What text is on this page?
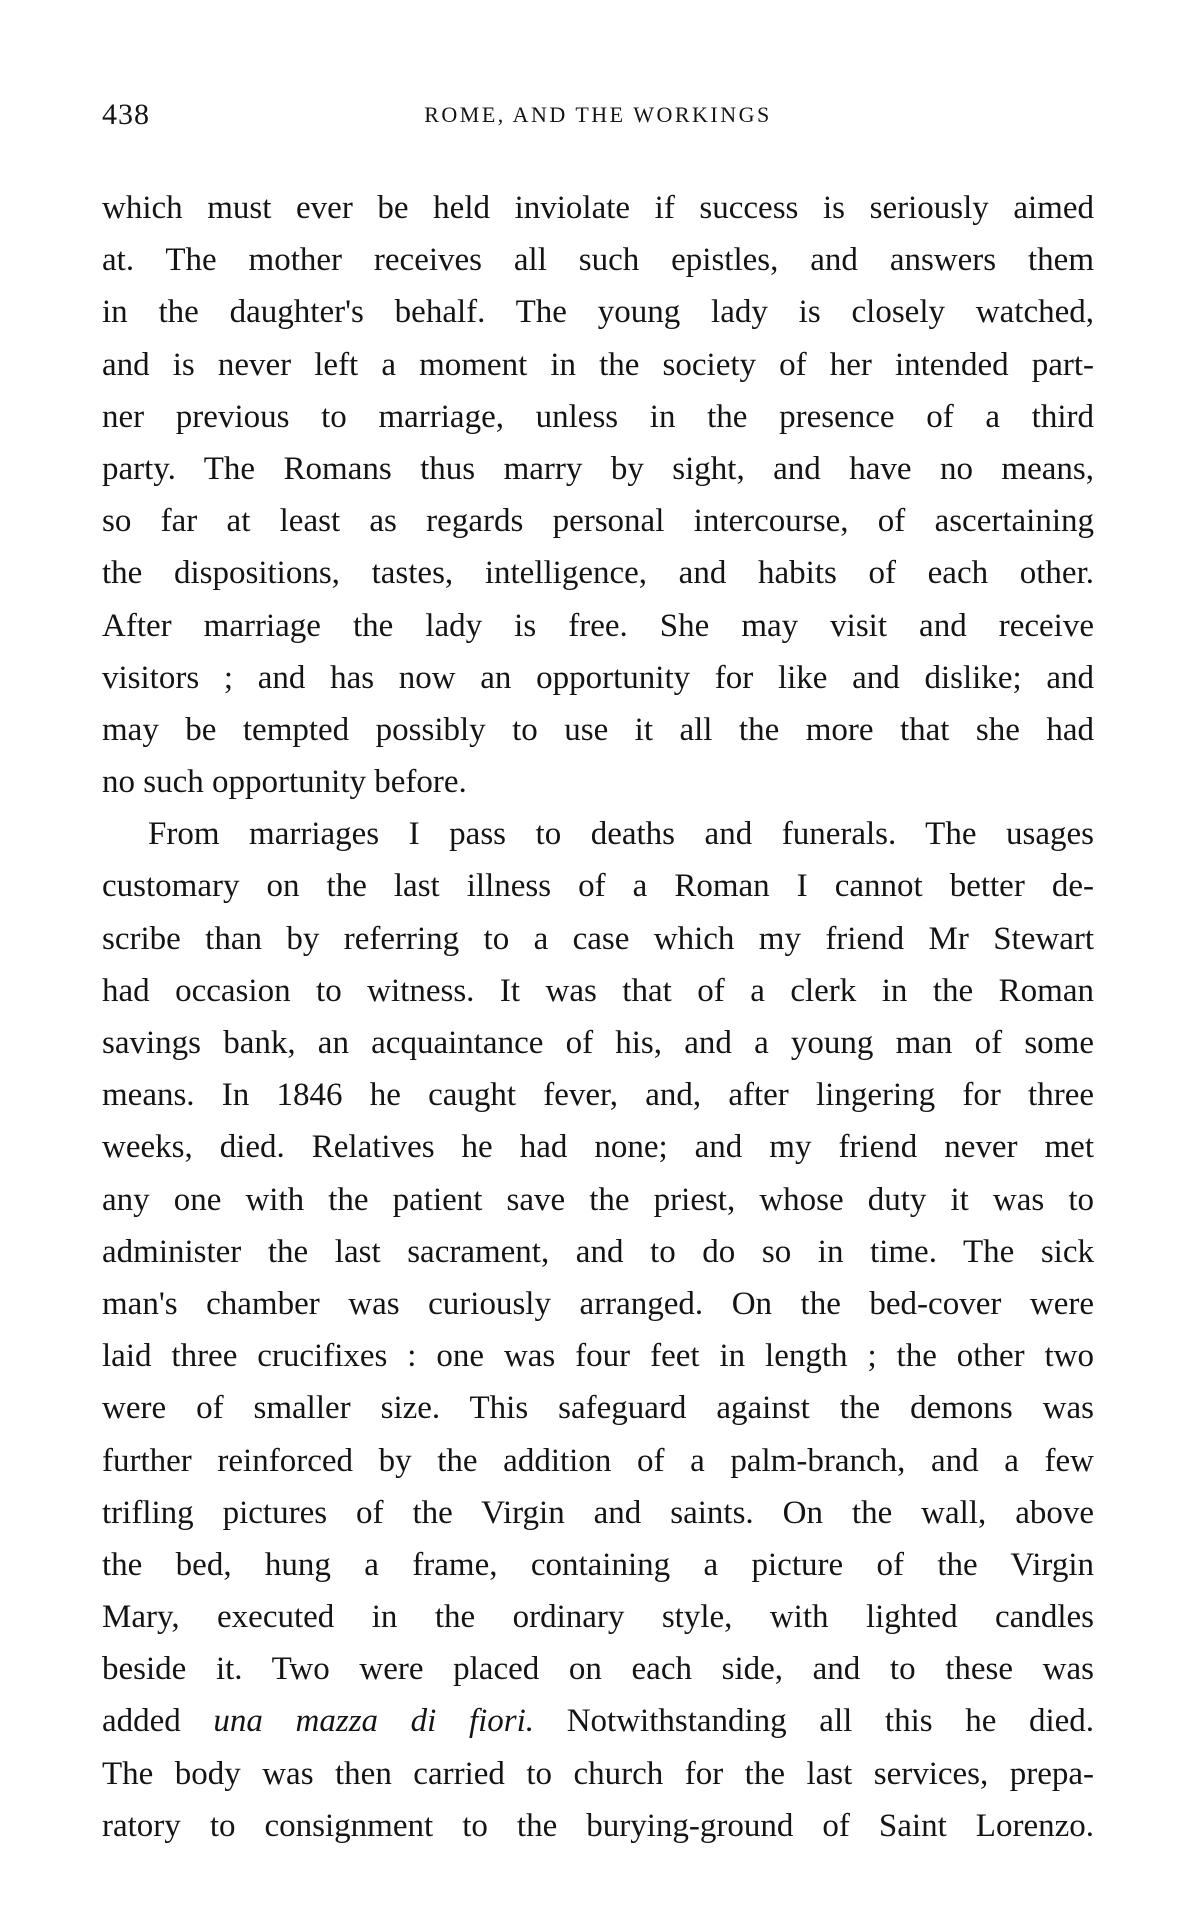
438	ROME, AND THE WORKINGS
which must ever be held inviolate if success is seriously aimed
at. The mother receives all such epistles, and answers them
in the daughter's behalf. The young lady is closely watched,
and is never left a moment in the society of her intended part-
ner previous to marriage, unless in the presence of a third
party. The Romans thus marry by sight, and have no means,
so far at least as regards personal intercourse, of ascertaining
the dispositions, tastes, intelligence, and habits of each other.
After marriage the lady is free. She may visit and receive
visitors ; and has now an opportunity for like and dislike; and
may be tempted possibly to use it all the more that she had
no such opportunity before.
From marriages I pass to deaths and funerals. The usages
customary on the last illness of a Roman I cannot better de-
scribe than by referring to a case which my friend Mr Stewart
had occasion to witness. It was that of a clerk in the Roman
savings bank, an acquaintance of his, and a young man of some
means. In 1846 he caught fever, and, after lingering for three
weeks, died. Relatives he had none; and my friend never met
any one with the patient save the priest, whose duty it was to
administer the last sacrament, and to do so in time. The sick
man's chamber was curiously arranged. On the bed-cover were
laid three crucifixes : one was four feet in length ; the other two
were of smaller size. This safeguard against the demons was
further reinforced by the addition of a palm-branch, and a few
trifling pictures of the Virgin and saints. On the wall, above
the bed, hung a frame, containing a picture of the Virgin
Mary, executed in the ordinary style, with lighted candles
beside it. Two were placed on each side, and to these was
added una mazza di fiori. Notwithstanding all this he died.
The body was then carried to church for the last services, prepa-
ratory to consignment to the burying-ground of Saint Lorenzo.
